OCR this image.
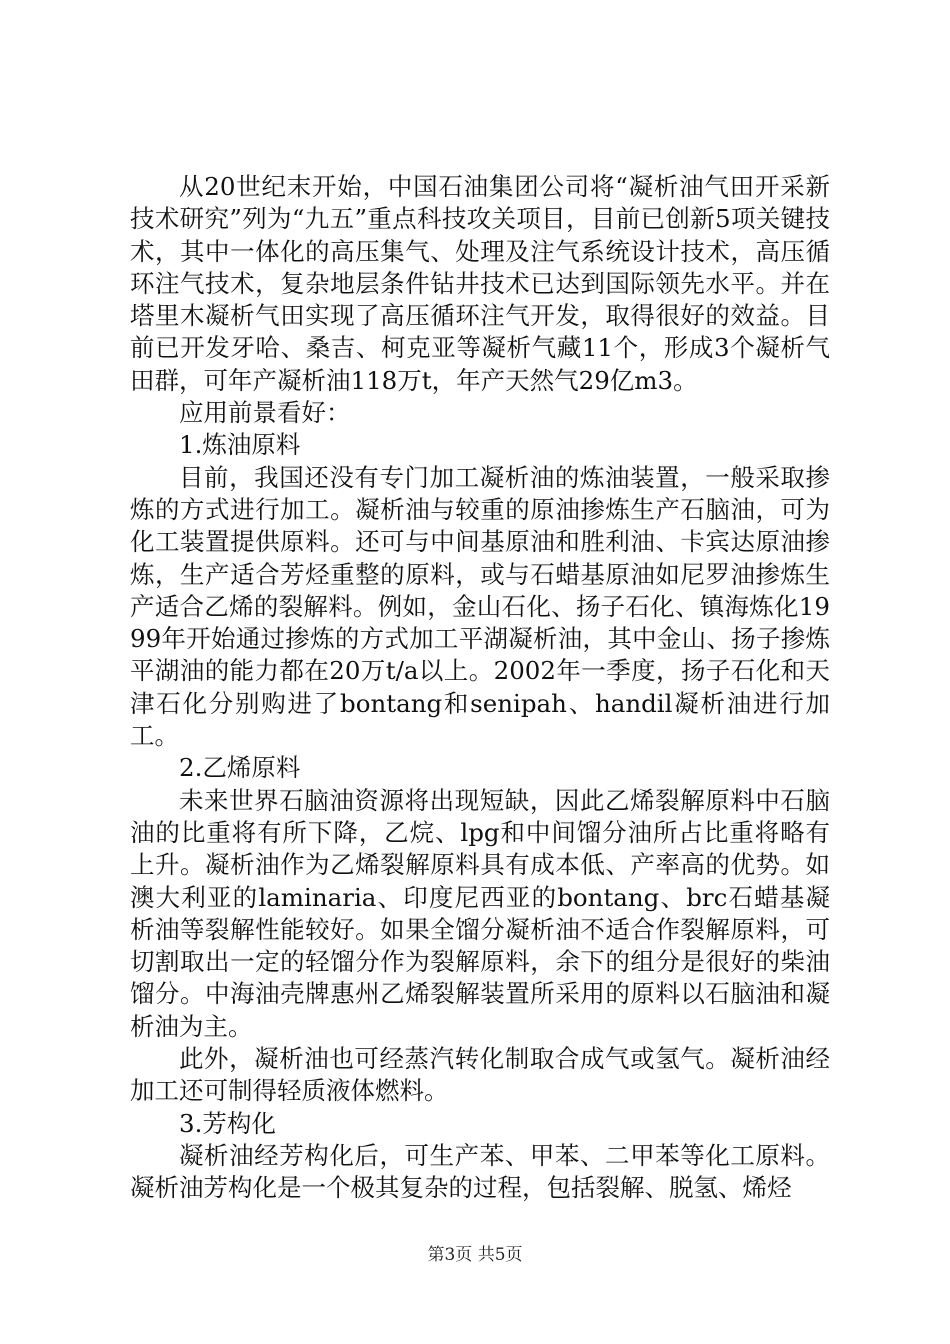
从20世纪末开始，中国石油集团公司将“凝析油气田开采新技术研究”列为“九五”重点科技攻关项目，目前已创新5项关键技术，其中一体化的高压集气、处理及注气系统设计技术，高压循环注气技术，复杂地层条件钻井技术已达到国际领先水平。并在塔里木凝析气田实现了高压循环注气开发，取得很好的效益。目前已开发牙哈、桑吉、柯克亚等凝析气藏11个，形成3个凝析气田群，可年产凝析油118万t，年产天然气29亿m3。

应用前景看好：

1.炼油原料

目前，我国还没有专门加工凝析油的炼油装置，一般采取掺炼的方式进行加工。凝析油与较重的原油掺炼生产石脑油，可为化工装置提供原料。还可与中间基原油和胜利油、卡宾达原油掺炼，生产适合芳烃重整的原料，或与石蜡基原油如尼罗油掺炼生产适合乙烯的裂解料。例如，金山石化、扬子石化、镇海炼化1999年开始通过掺炼的方式加工平湖凝析油，其中金山、扬子掺炼平湖油的能力都在20万t/a以上。2002年一季度，扬子石化和天津石化分别购进了bontang和senipah、handil凝析油进行加工。

2.乙烯原料

未来世界石脑油资源将出现短缺，因此乙烯裂解原料中石脑油的比重将有所下降，乙烷、lpg和中间馏分油所占比重将略有上升。凝析油作为乙烯裂解原料具有成本低、产率高的优势。如澳大利亚的laminaria、印度尼西亚的bontang、brc石蜡基凝析油等裂解性能较好。如果全馏分凝析油不适合作裂解原料，可切割取出一定的轻馏分作为裂解原料，余下的组分是很好的柴油馏分。中海油壳牌惠州乙烯裂解装置所采用的原料以石脑油和凝析油为主。

此外，凝析油也可经蒸汽转化制取合成气或氢气。凝析油经加工还可制得轻质液体燃料。

3.芳构化

凝析油经芳构化后，可生产苯、甲苯、二甲苯等化工原料。凝析油芳构化是一个极其复杂的过程，包括裂解、脱氢、烯烃

第3页 共5页
